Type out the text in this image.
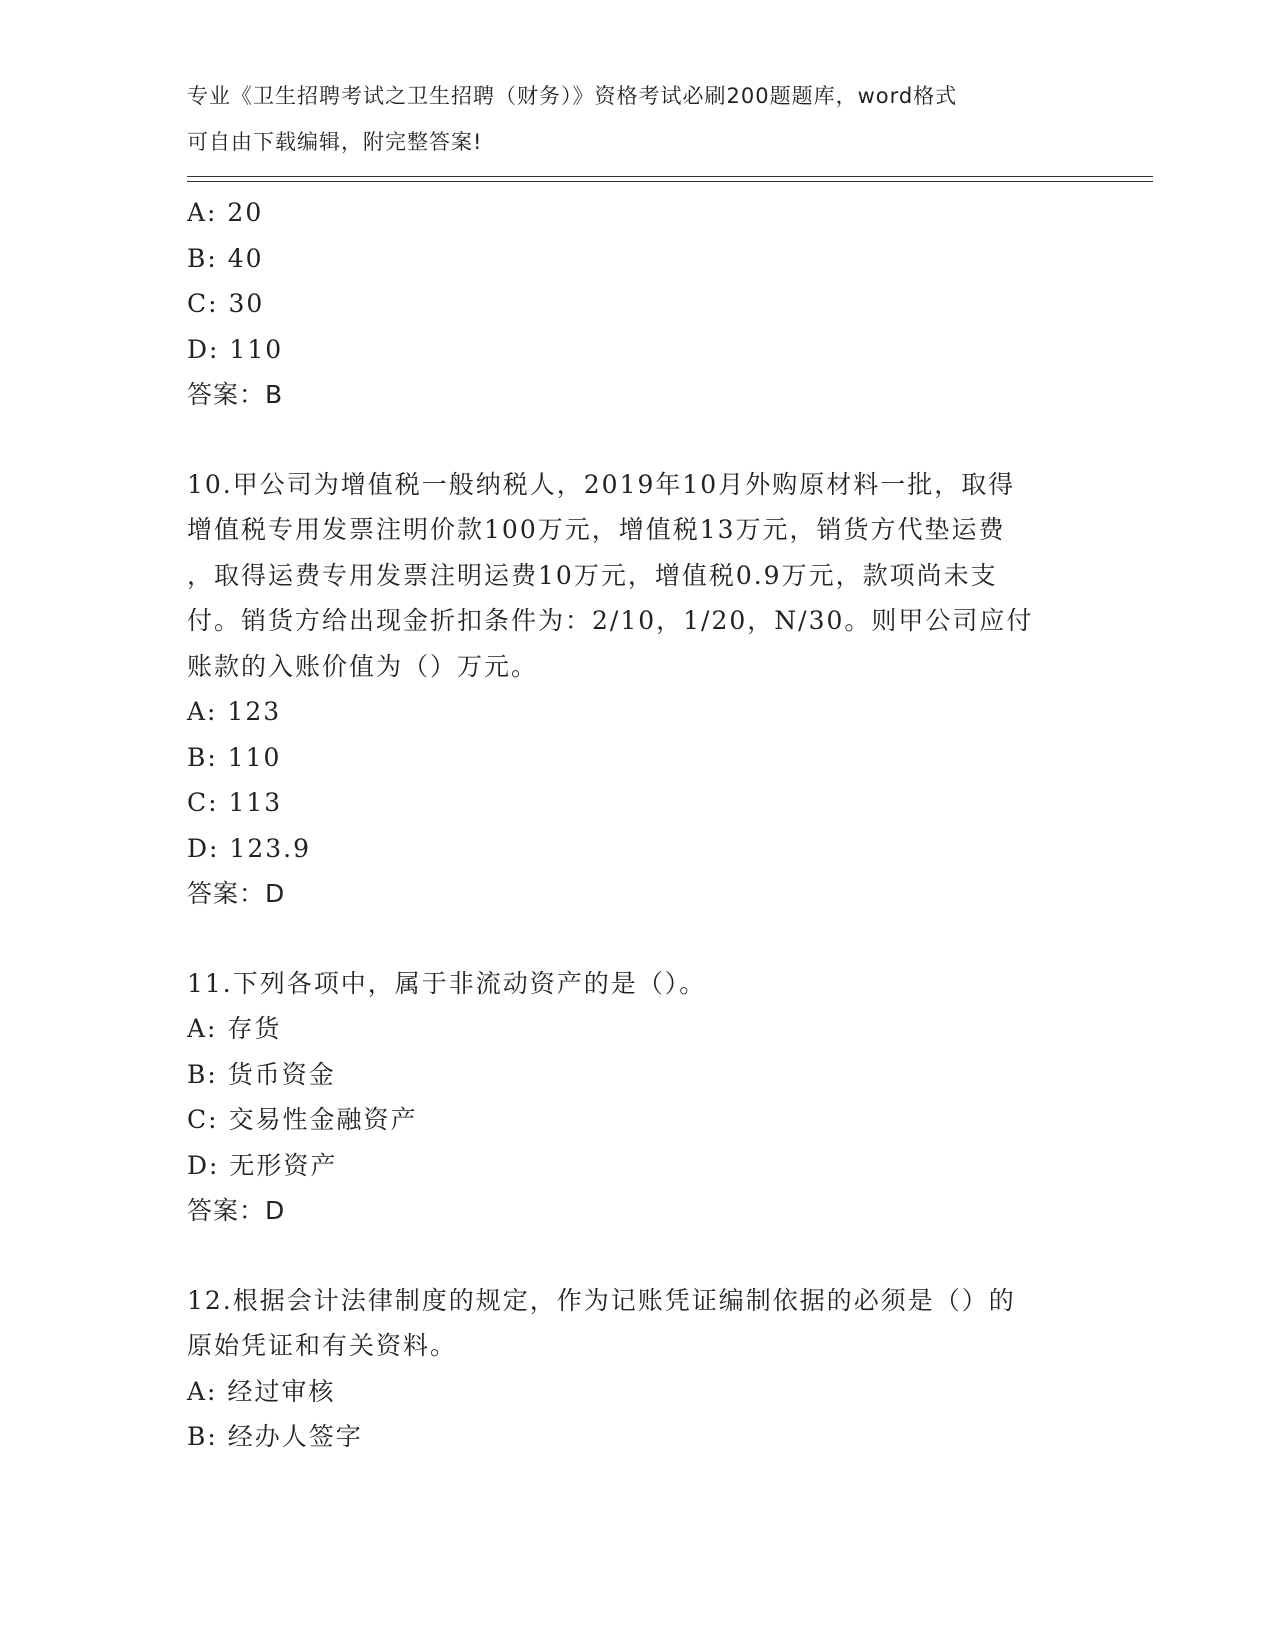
专业《卫生招聘考试之卫生招聘（财务）》资格考试必刷200题题库，word格式
可自由下载编辑，附完整答案!
A: 20
B: 40
C: 30
D: 110
答案：B
10.甲公司为增值税一般纳税人，2019年10月外购原材料一批，取得
增值税专用发票注明价款100万元，增值税13万元，销货方代垫运费
，取得运费专用发票注明运费10万元，增值税0.9万元，款项尚未支
付。销货方给出现金折扣条件为：2/10，1/20，N/30。则甲公司应付
账款的入账价值为（）万元。
A: 123
B: 110
C: 113
D: 123.9
答案：D
11.下列各项中，属于非流动资产的是（）。
A: 存货
B: 货币资金
C: 交易性金融资产
D: 无形资产
答案：D
12.根据会计法律制度的规定，作为记账凭证编制依据的必须是（）的
原始凭证和有关资料。
A: 经过审核
B: 经办人签字
